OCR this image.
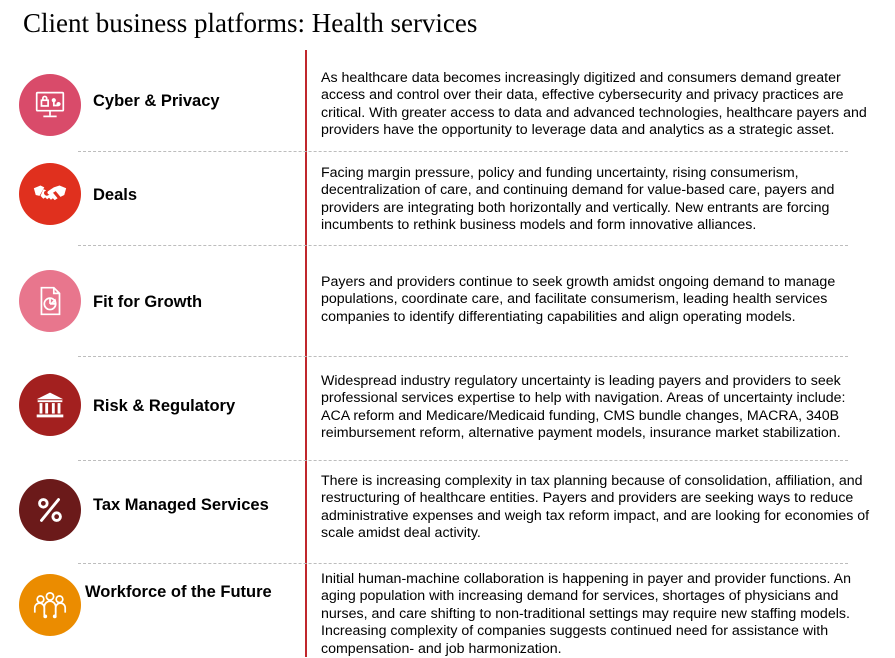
Client business platforms: Health services
Cyber & Privacy
As healthcare data becomes increasingly digitized and consumers demand greater access and control over their data, effective cybersecurity and privacy practices are critical. With greater access to data and advanced technologies, healthcare payers and providers have the opportunity to leverage data and analytics as a strategic asset.
Deals
Facing margin pressure, policy and funding uncertainty, rising consumerism, decentralization of care, and continuing demand for value-based care, payers and providers are integrating both horizontally and vertically. New entrants are forcing incumbents to rethink business models and form innovative alliances.
Fit for Growth
Payers and providers continue to seek growth amidst ongoing demand to manage populations, coordinate care, and facilitate consumerism, leading health services companies to identify differentiating capabilities and align operating models.
Risk & Regulatory
Widespread industry regulatory uncertainty is leading payers and providers to seek professional services expertise to help with navigation. Areas of uncertainty include: ACA reform and Medicare/Medicaid funding, CMS bundle changes, MACRA, 340B reimbursement reform, alternative payment models, insurance market stabilization.
Tax Managed Services
There is increasing complexity in tax planning because of consolidation, affiliation, and restructuring of healthcare entities. Payers and providers are seeking ways to reduce administrative expenses and weigh tax reform impact, and are looking for economies of scale amidst deal activity.
Workforce of the Future
Initial human-machine collaboration is happening in payer and provider functions. An aging population with increasing demand for services, shortages of physicians and nurses, and care shifting to non-traditional settings may require new staffing models. Increasing complexity of companies suggests continued need for assistance with compensation- and job harmonization.
